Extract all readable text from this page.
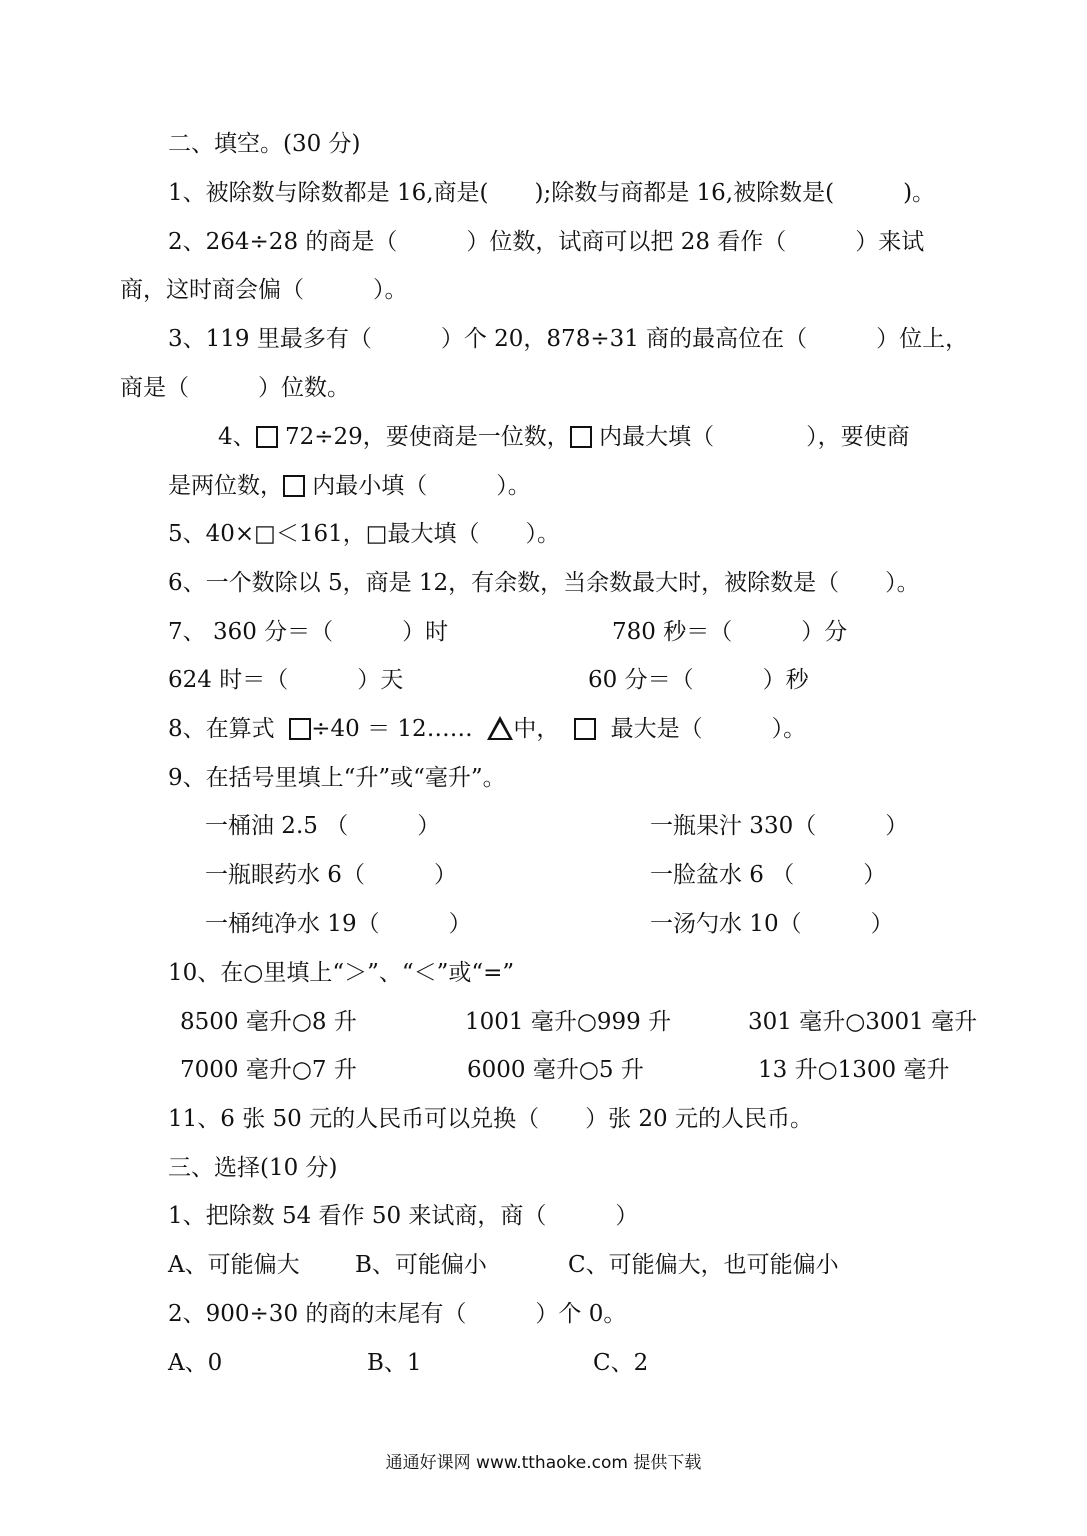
二、填空。(30 分)
1、被除数与除数都是 16,商是(　　);除数与商都是 16,被除数是(　　　)。
2、264÷28 的商是（　　　）位数，试商可以把 28 看作（　　　）来试
商，这时商会偏（　　　）。
3、119 里最多有（　　　）个 20，878÷31 商的最高位在（　　　）位上，
商是（　　　）位数。
4、 72÷29，要使商是一位数， 内最大填（　　　　），要使商
是两位数， 内最小填（　　　）。
5、40×□＜161，□最大填（　　）。
6、一个数除以 5，商是 12，有余数，当余数最大时，被除数是（　　）。
7、 360 分＝（　　　）时	780 秒＝（　　　）分
624 时＝（　　　）天	60 分＝（　　　）秒
8、在算式 ÷40 ＝ 12…… 中， 最大是（　　　）。
9、在括号里填上“升”或“毫升”。
一桶油 2.5 （　　　）	一瓶果汁 330（　　　）
一瓶眼药水 6（　　　）	一脸盆水 6 （　　　）
一桶纯净水 19（　　　）	一汤勺水 10（　　　）
10、在○里填上“＞”、“＜”或“=”
8500 毫升○8 升	1001 毫升○999 升	301 毫升○3001 毫升
7000 毫升○7 升	6000 毫升○5 升	13 升○1300 毫升
11、6 张 50 元的人民币可以兑换（　　）张 20 元的人民币。
三、选择(10 分)
1、把除数 54 看作 50 来试商，商（　　　）
A、可能偏大 B、可能偏小	C、可能偏大，也可能偏小
2、900÷30 的商的末尾有（　　　）个 0。
A、0	B、1	C、2
通通好课网 www.tthaoke.com 提供下载
